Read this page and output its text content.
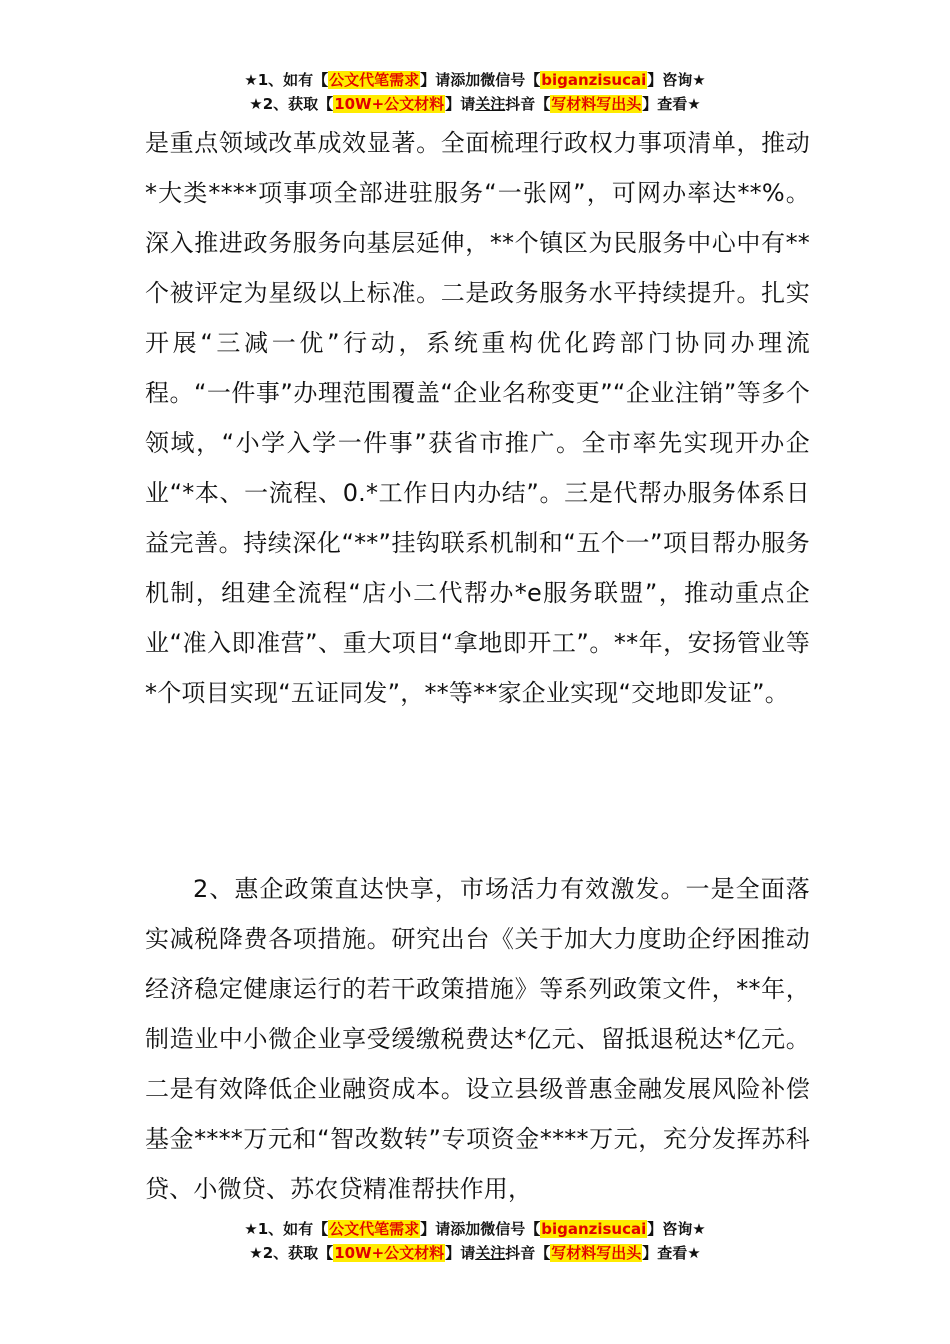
★1、如有【公文代笔需求】请添加微信号【biganzisucai】咨询★
★2、获取【10W+公文材料】请关注抖音【写材料写出头】查看★
是重点领域改革成效显著。全面梳理行政权力事项清单，推动*大类****项事项全部进驻服务“一张网”，可网办率达**%。深入推进政务服务向基层延伸，**个镇区为民服务中心中有**个被评定为星级以上标准。二是政务服务水平持续提升。扎实开展“三减一优”行动，系统重构优化跨部门协同办理流程。“一件事”办理范围覆盖“企业名称变更”“企业注销”等多个领域，“小学入学一件事”获省市推广。全市率先实现开办企业“*本、一流程、0.*工作日内办结”。三是代帮办服务体系日益完善。持续深化“**”挂钩联系机制和“五个一”项目帮办服务机制，组建全流程“店小二代帮办*e服务联盟”，推动重点企业“准入即准营”、重大项目“拿地即开工”。**年，安扬管业等*个项目实现“五证同发”，**等**家企业实现“交地即发证”。
2、惠企政策直达快享，市场活力有效激发。一是全面落实减税降费各项措施。研究出台《关于加大力度助企纾困推动经济稳定健康运行的若干政策措施》等系列政策文件，**年，制造业中小微企业享受缓缴税费达*亿元、留抵退税达*亿元。二是有效降低企业融资成本。设立县级普惠金融发展风险补偿基金****万元和“智改数转”专项资金****万元，充分发挥苏科贷、小微贷、苏农贷精准帮扶作用，
★1、如有【公文代笔需求】请添加微信号【biganzisucai】咨询★
★2、获取【10W+公文材料】请关注抖音【写材料写出头】查看★
